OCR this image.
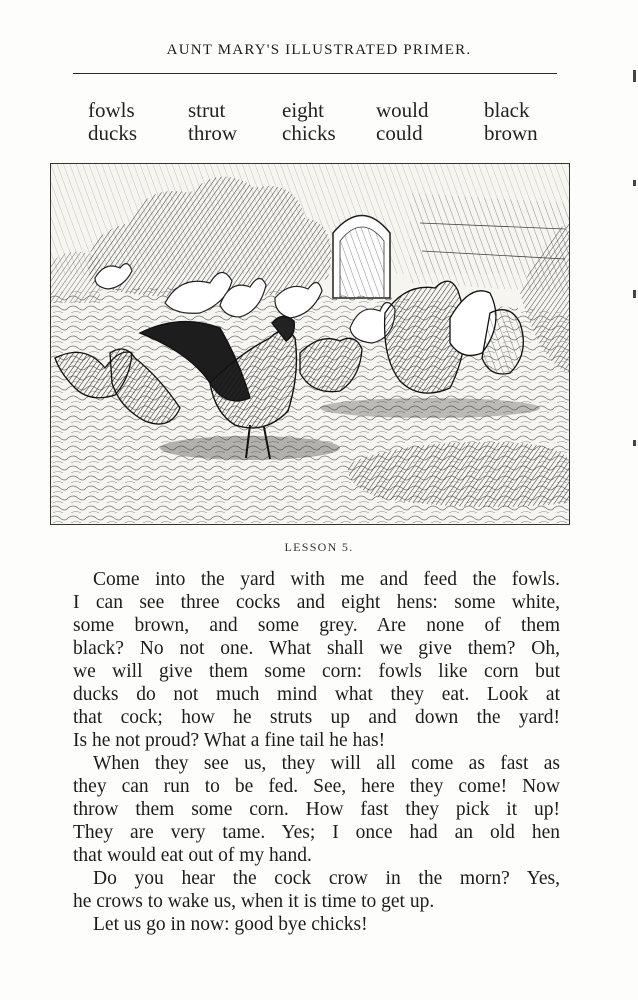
AUNT MARY'S ILLUSTRATED PRIMER.
fowls
ducks
strut
throw
eight
chicks
would
could
black
brown
LESSON 5.
Come into the yard with me and feed the fowls.
I can see three cocks and eight hens: some white,
some brown, and some grey. Are none of them
black? No not one. What shall we give them? Oh,
we will give them some corn: fowls like corn but
ducks do not much mind what they eat. Look at
that cock; how he struts up and down the yard!
Is he not proud? What a fine tail he has!
When they see us, they will all come as fast as
they can run to be fed. See, here they come! Now
throw them some corn. How fast they pick it up!
They are very tame. Yes; I once had an old hen
that would eat out of my hand.
Do you hear the cock crow in the morn? Yes,
he crows to wake us, when it is time to get up.
Let us go in now: good bye chicks!
